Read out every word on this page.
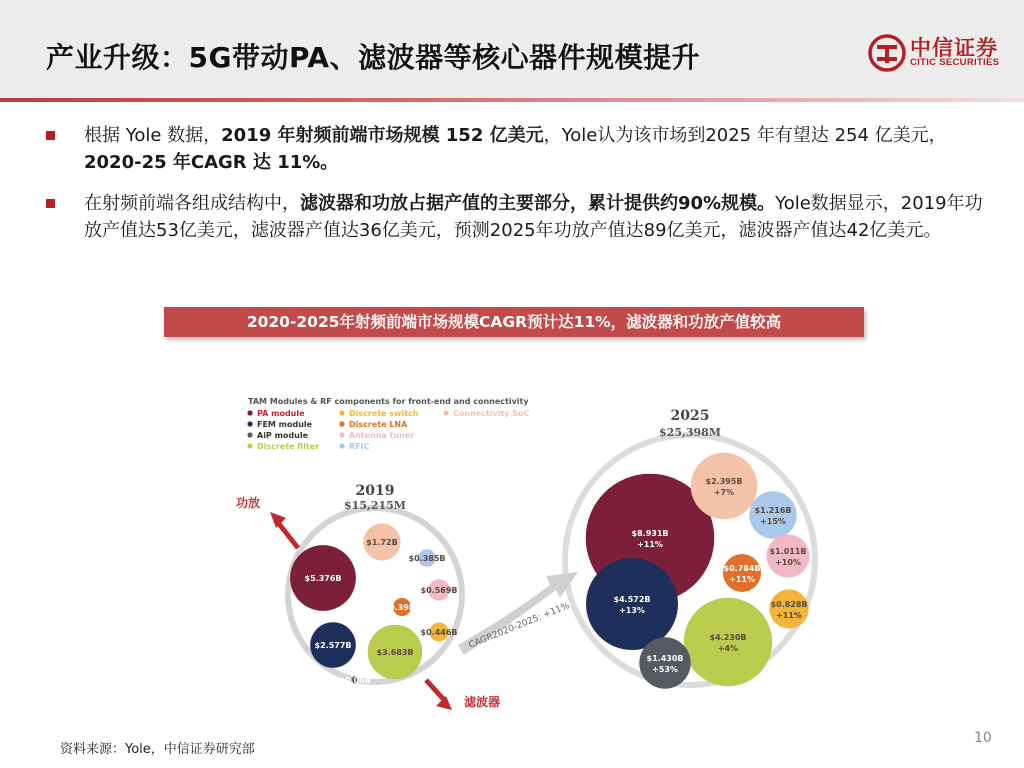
产业升级：5G带动PA、滤波器等核心器件规模提升	中信证券
CITIC SECURITIES
根据 Yole 数据，2019 年射频前端市场规模 152 亿美元，Yole认为该市场到2025 年有望达 254 亿美元，2020-25 年CAGR 达 11%。
在射频前端各组成结构中，滤波器和功放占据产值的主要部分，累计提供约90%规模。Yole数据显示，2019年功放产值达53亿美元，滤波器产值达36亿美元，预测2025年功放产值达89亿美元，滤波器产值达42亿美元。
2020-2025年射频前端市场规模CAGR预计达11%，滤波器和功放产值较高
TAM Modules & RF components for front-end and connectivity
PA module
FEM module
AiP module
Discrete filter
Discrete switch
Discrete LNA
Antenna tuner
RFIC
Connectivity SoC
2019
$15,215M
$5.376B
$3.683B
$2.577B
$1.72B
$0.569B
$0.446B
$0.398B
$0.385B
$0.06B
2025
$25,398M
$8.931B
+11%
$4.572B
+13%
$4.230B
+4%
$2.395B
+7%
$1.430B
+53%
$1.216B
+15%
$1.011B
+10%
$0.828B
+11%
$0.784B
+11%
CAGR2020-2025: +11%
功放
滤波器
资料来源：Yole，中信证券研究部
10
